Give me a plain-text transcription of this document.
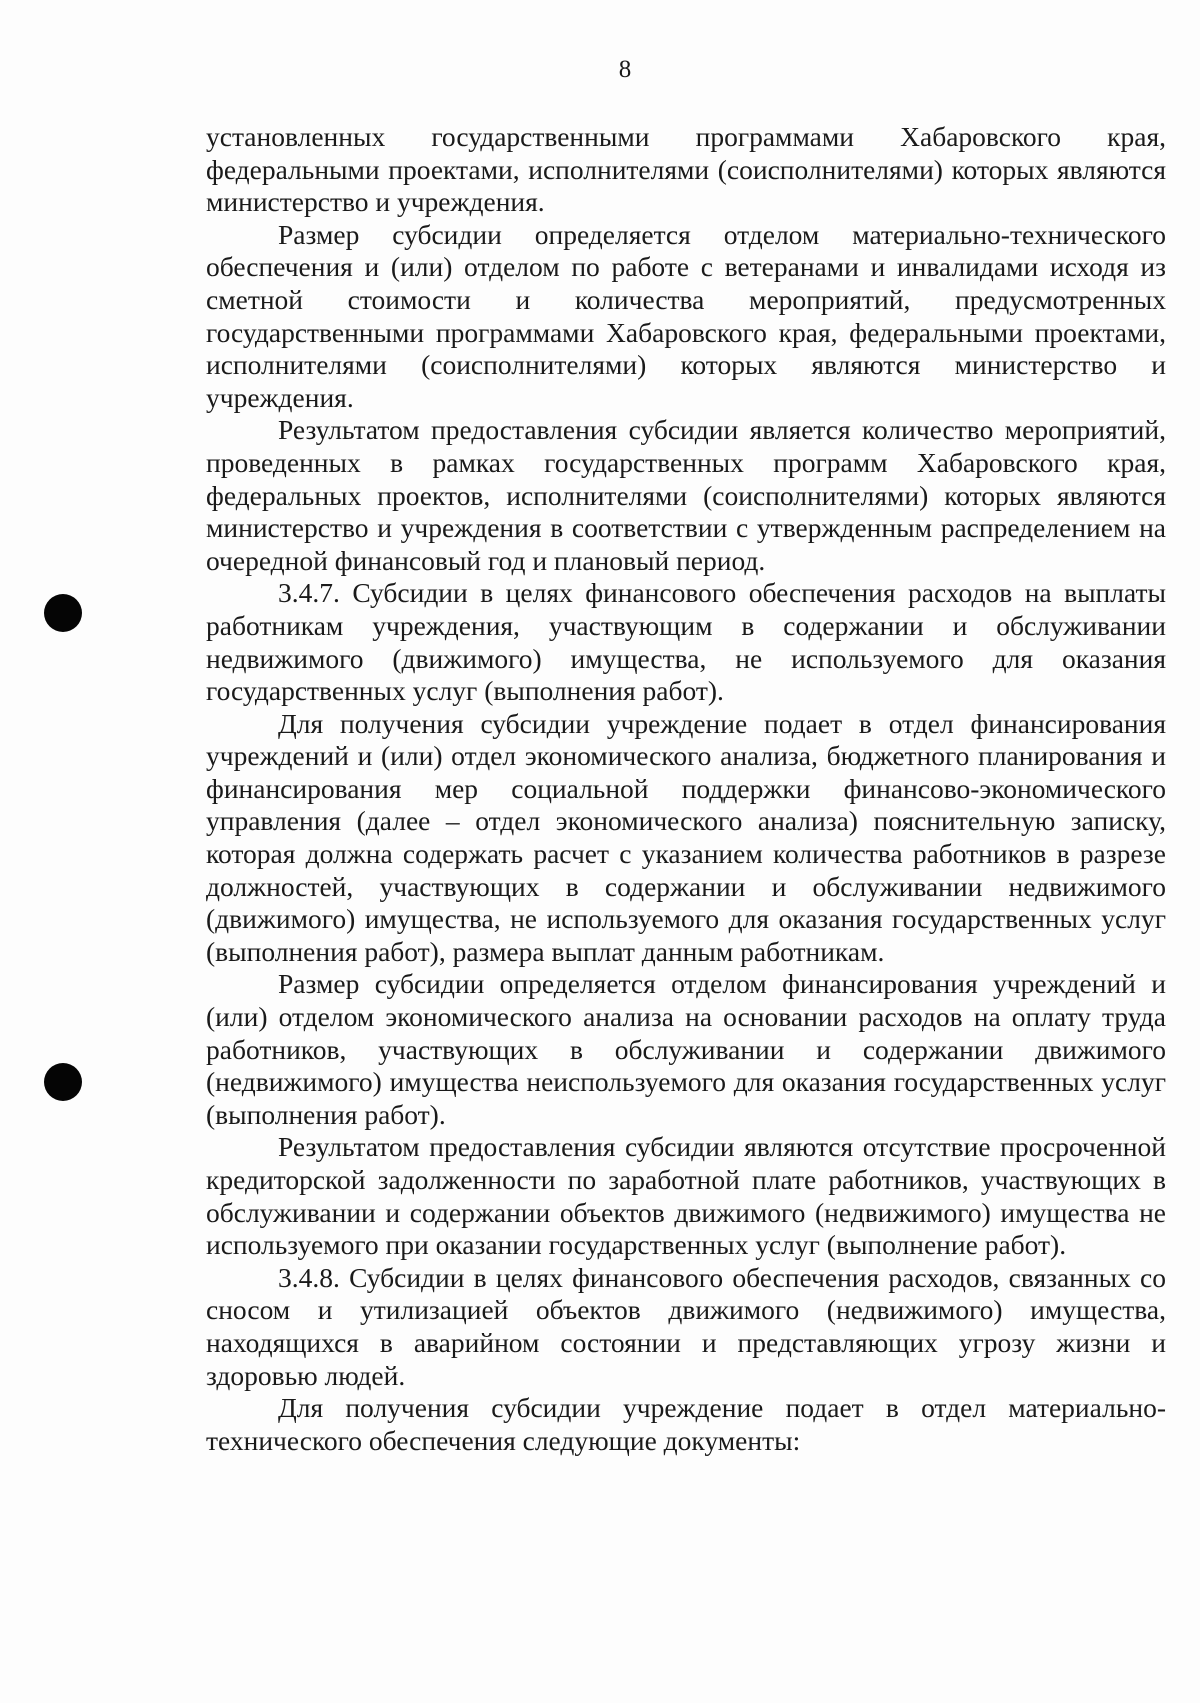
8

установленных государственными программами Хабаровского края, федеральными проектами, исполнителями (соисполнителями) которых являются министерство и учреждения.

Размер субсидии определяется отделом материально-технического обеспечения и (или) отделом по работе с ветеранами и инвалидами исходя из сметной стоимости и количества мероприятий, предусмотренных государственными программами Хабаровского края, федеральными проектами, исполнителями (соисполнителями) которых являются министерство и учреждения.

Результатом предоставления субсидии является количество мероприятий, проведенных в рамках государственных программ Хабаровского края, федеральных проектов, исполнителями (соисполнителями) которых являются министерство и учреждения в соответствии с утвержденным распределением на очередной финансовый год и плановый период.

3.4.7. Субсидии в целях финансового обеспечения расходов на выплаты работникам учреждения, участвующим в содержании и обслуживании недвижимого (движимого) имущества, не используемого для оказания государственных услуг (выполнения работ).

Для получения субсидии учреждение подает в отдел финансирования учреждений и (или) отдел экономического анализа, бюджетного планирования и финансирования мер социальной поддержки финансово-экономического управления (далее – отдел экономического анализа) пояснительную записку, которая должна содержать расчет с указанием количества работников в разрезе должностей, участвующих в содержании и обслуживании недвижимого (движимого) имущества, не используемого для оказания государственных услуг (выполнения работ), размера выплат данным работникам.

Размер субсидии определяется отделом финансирования учреждений и (или) отделом экономического анализа на основании расходов на оплату труда работников, участвующих в обслуживании и содержании движимого (недвижимого) имущества неиспользуемого для оказания государственных услуг (выполнения работ).

Результатом предоставления субсидии являются отсутствие просроченной кредиторской задолженности по заработной плате работников, участвующих в обслуживании и содержании объектов движимого (недвижимого) имущества не используемого при оказании государственных услуг (выполнение работ).

3.4.8. Субсидии в целях финансового обеспечения расходов, связанных со сносом и утилизацией объектов движимого (недвижимого) имущества, находящихся в аварийном состоянии и представляющих угрозу жизни и здоровью людей.

Для получения субсидии учреждение подает в отдел материально-технического обеспечения следующие документы:
